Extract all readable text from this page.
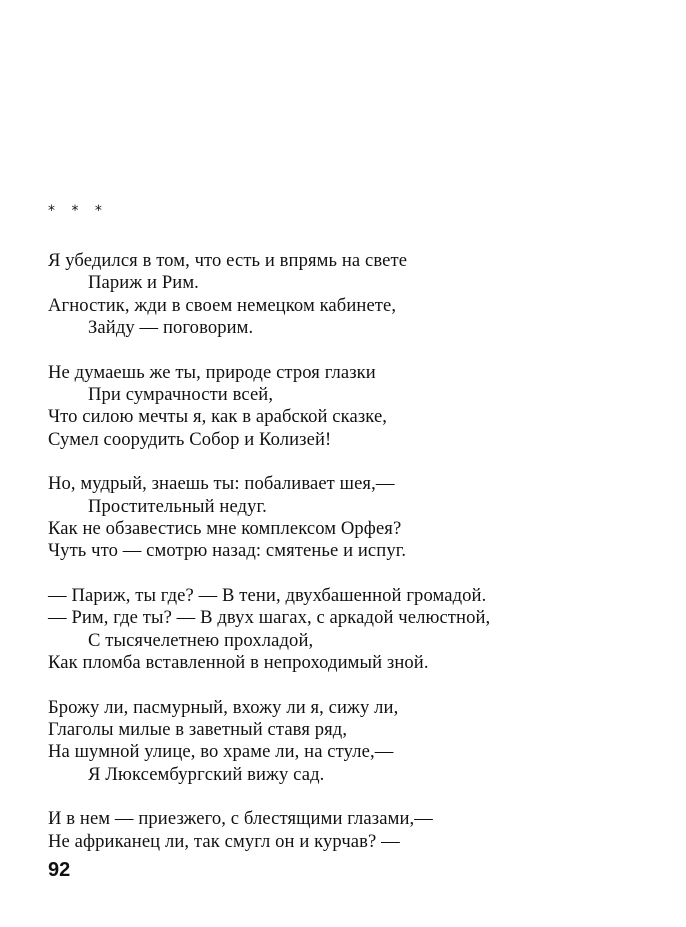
* * *
Я убедился в том, что есть и впрямь на свете
Париж и Рим.
Агностик, жди в своем немецком кабинете,
Зайду — поговорим.
Не думаешь же ты, природе строя глазки
При сумрачности всей,
Что силою мечты я, как в арабской сказке,
Сумел соорудить Собор и Колизей!
Но, мудрый, знаешь ты: побаливает шея,—
Простительный недуг.
Как не обзавестись мне комплексом Орфея?
Чуть что — смотрю назад: смятенье и испуг.
— Париж, ты где? — В тени, двухбашенной громадой.
— Рим, где ты? — В двух шагах, с аркадой челюстной,
С тысячелетнею прохладой,
Как пломба вставленной в непроходимый зной.
Брожу ли, пасмурный, вхожу ли я, сижу ли,
Глаголы милые в заветный ставя ряд,
На шумной улице, во храме ли, на стуле,—
Я Люксембургский вижу сад.
И в нем — приезжего, с блестящими глазами,—
Не африканец ли, так смугл он и курчав? —
92
